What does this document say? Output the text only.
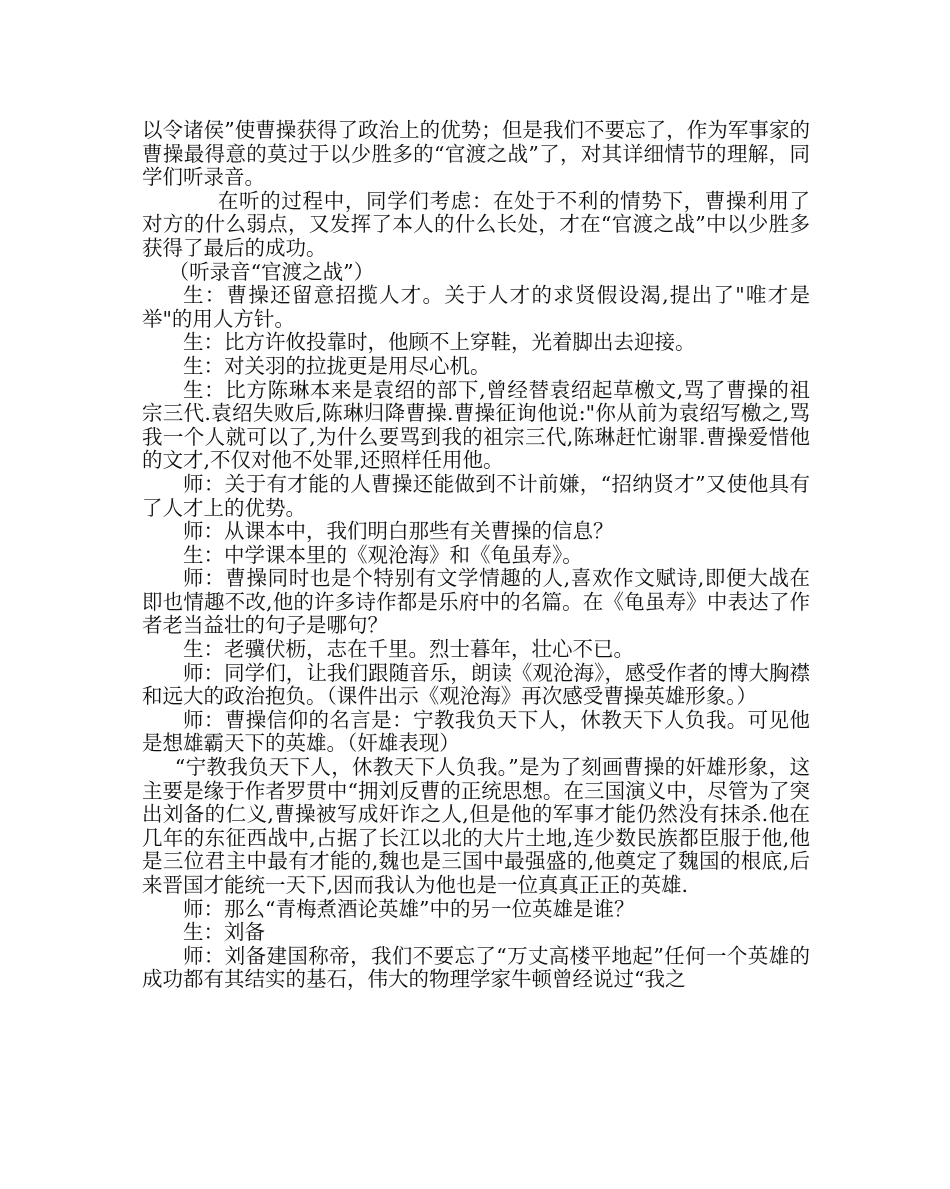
以令诸侯”使曹操获得了政治上的优势；但是我们不要忘了，作为军事家的曹操最得意的莫过于以少胜多的“官渡之战”了，对其详细情节的理解，同学们听录音。

在听的过程中，同学们考虑：在处于不利的情势下，曹操利用了对方的什么弱点，又发挥了本人的什么长处，才在“官渡之战”中以少胜多获得了最后的成功。

（听录音“官渡之战”）

生：曹操还留意招揽人才。关于人才的求贤假设渴,提出了"唯才是举"的用人方针。

生：比方许攸投靠时，他顾不上穿鞋，光着脚出去迎接。

生：对关羽的拉拢更是用尽心机。

生：比方陈琳本来是袁绍的部下,曾经替袁绍起草檄文,骂了曹操的祖宗三代.袁绍失败后,陈琳归降曹操.曹操征询他说:"你从前为袁绍写檄之,骂我一个人就可以了,为什么要骂到我的祖宗三代,陈琳赶忙谢罪.曹操爱惜他的文才,不仅对他不处罪,还照样任用他。

师：关于有才能的人曹操还能做到不计前嫌，“招纳贤才”又使他具有了人才上的优势。

师：从课本中，我们明白那些有关曹操的信息？

生：中学课本里的《观沧海》和《龟虽寿》。

师：曹操同时也是个特别有文学情趣的人,喜欢作文赋诗,即便大战在即也情趣不改,他的许多诗作都是乐府中的名篇。在《龟虽寿》中表达了作者老当益壮的句子是哪句？

生：老骥伏枥，志在千里。烈士暮年，壮心不已。

师：同学们，让我们跟随音乐，朗读《观沧海》，感受作者的博大胸襟和远大的政治抱负。（课件出示《观沧海》再次感受曹操英雄形象。）

师：曹操信仰的名言是：宁教我负天下人，休教天下人负我。可见他是想雄霸天下的英雄。（奸雄表现）

“宁教我负天下人，休教天下人负我。”是为了刻画曹操的奸雄形象，这主要是缘于作者罗贯中“拥刘反曹的正统思想。在三国演义中，尽管为了突出刘备的仁义,曹操被写成奸诈之人,但是他的军事才能仍然没有抹杀.他在几年的东征西战中,占据了长江以北的大片土地,连少数民族都臣服于他,他是三位君主中最有才能的,魏也是三国中最强盛的,他奠定了魏国的根底,后来晋国才能统一天下,因而我认为他也是一位真真正正的英雄.

师：那么“青梅煮酒论英雄”中的另一位英雄是谁？

生：刘备

师：刘备建国称帝，我们不要忘了“万丈高楼平地起”任何一个英雄的成功都有其结实的基石，伟大的物理学家牛顿曾经说过“我之
